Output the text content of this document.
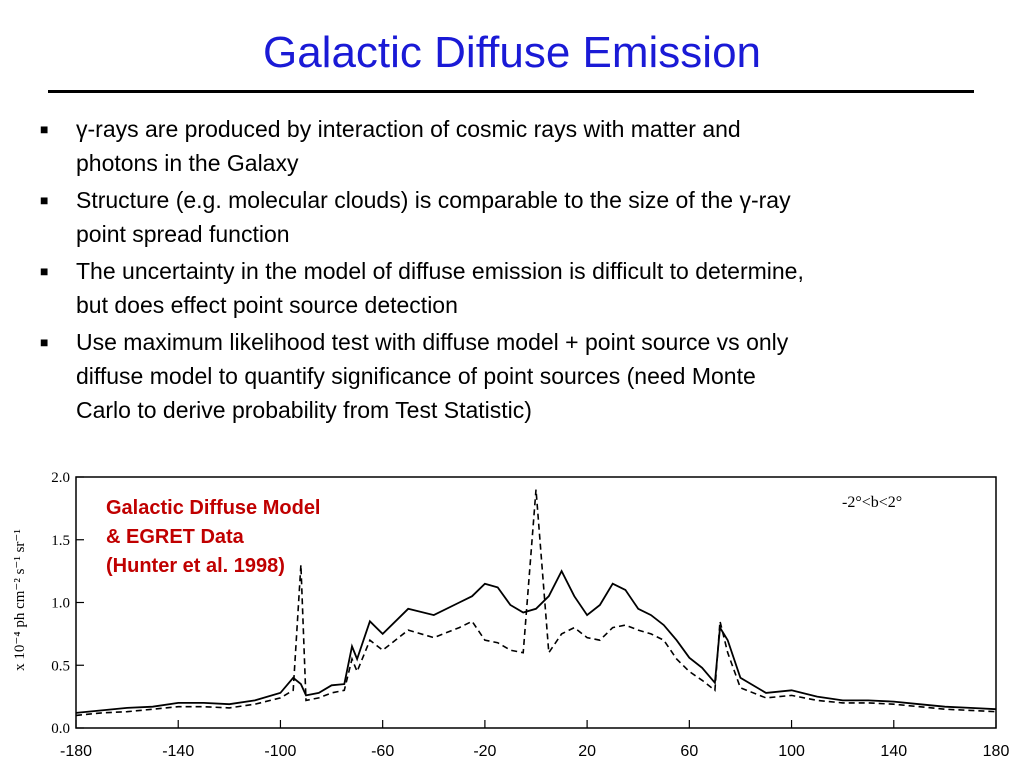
Galactic Diffuse Emission
■ γ-rays are produced by interaction of cosmic rays with matter and
photons in the Galaxy
■ Structure (e.g. molecular clouds) is comparable to the size of the γ-ray
point spread function
■ The uncertainty in the model of diffuse emission is difficult to determine,
but does effect point source detection
■ Use maximum likelihood test with diffuse model + point source vs only
diffuse model to quantify significance of point sources (need Monte
Carlo to derive probability from Test Statistic)
0.0
0.5
1.0
1.5
2.0
-180	-140	-100	-60	-20	20	60	100	140	180
x 10⁻⁴ ph cm⁻² s⁻¹ sr⁻¹
-2°<b<2°
Galactic Diffuse Model
& EGRET Data
(Hunter et al. 1998)
